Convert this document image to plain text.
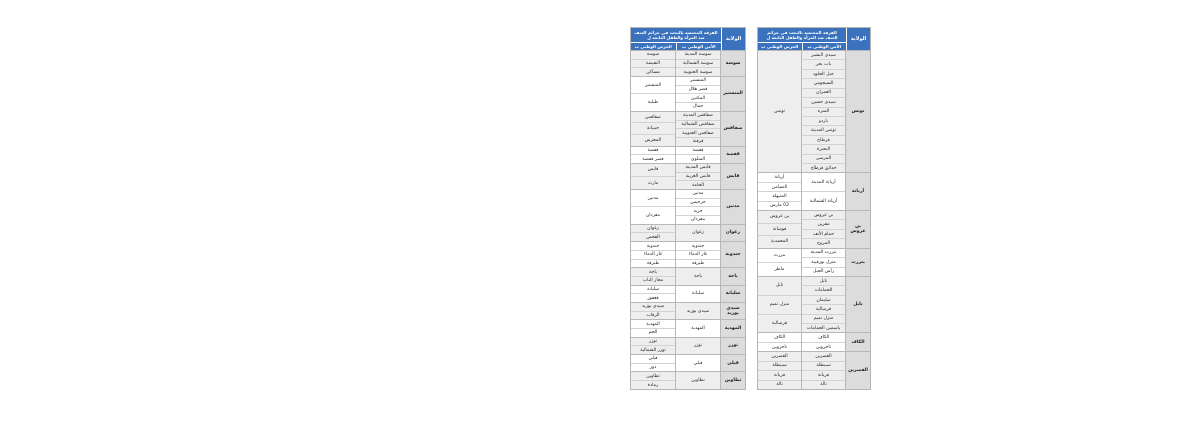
الولاية
الفرقة المختصة بالبحث في جرائم العنف ضد المرأة والطفل التابعة ل
الأمن الوطني ب
الحرس الوطني ب
سوسة
سوسة المدينة
سوسة الشمالية
سوسة الجنوبية
سوسة
النفيضة
مساكن
المنستير
المنستير
قصر هلال
المكنين
جمال
المنستير
طبلبة
صفاقس
صفاقس المدينة
صفاقس الشمالية
صفاقس الجنوبية
قرقنة
صفاقس
جبنيانة
المحرس
قفصة
قفصة
المتلوي
قفصة
قصر قفصة
قابس
قابس المدينة
قابس الغربية
الحامة
قابس
مارث
مدنين
مدنين
جرجيس
جربة
بنقردان
مدنين
بنقردان
زغوان
زغوان
زغوان
الفحص
جندوبة
جندوبة
غار الدماء
طبرقة
جندوبة
غار الدماء
طبرقة
باجة
باجة
باجة
مجاز الباب
سليانة
سليانة
سليانة
قعفور
سيدي بوزيد
سيدي بوزيد
سيدي بوزيد
الرقاب
المهدية
المهدية
المهدية
الجم
توزر
توزر
توزر
توزر الشمالية
قبلي
قبلي
قبلي
دوز
تطاوين
تطاوين
تطاوين
رمادة
الولاية
الفرقة المختصة بالبحث في جرائم العنف ضد المرأة والطفل التابعة ل
الأمن الوطني ب
الحرس الوطني ب
تونس
سيدي البشير
باب بحر
جبل الجلود
السيجومي
العمران
سيدي حسين
المنزه
باردو
تونس المدينة
قرطاج
البحيرة
المرسى
حدائق قرطاج
تونس
أريانة
أريانة المدينة
أريانة الشمالية
أريانة
التضامن
المنيهلة
02 مارس
بن عروس
بن عروس
مقرين
حمام الأنف
المروج
بن عروس
فوشانة
المحمدية
بنزرت
بنزرت المدينة
منزل بورقيبة
رأس الجبل
بنزرت
ماطر
نابل
نابل
الحمامات
سليمان
قرمبالية
منزل تميم
ياسمين الحمامات
نابل
منزل تميم
قرمبالية
الكاف
الكاف
تاجروين
الكاف
تاجروين
القصرين
القصرين
سبيطلة
فريانة
تالة
القصرين
سبيطلة
فريانة
تالة
